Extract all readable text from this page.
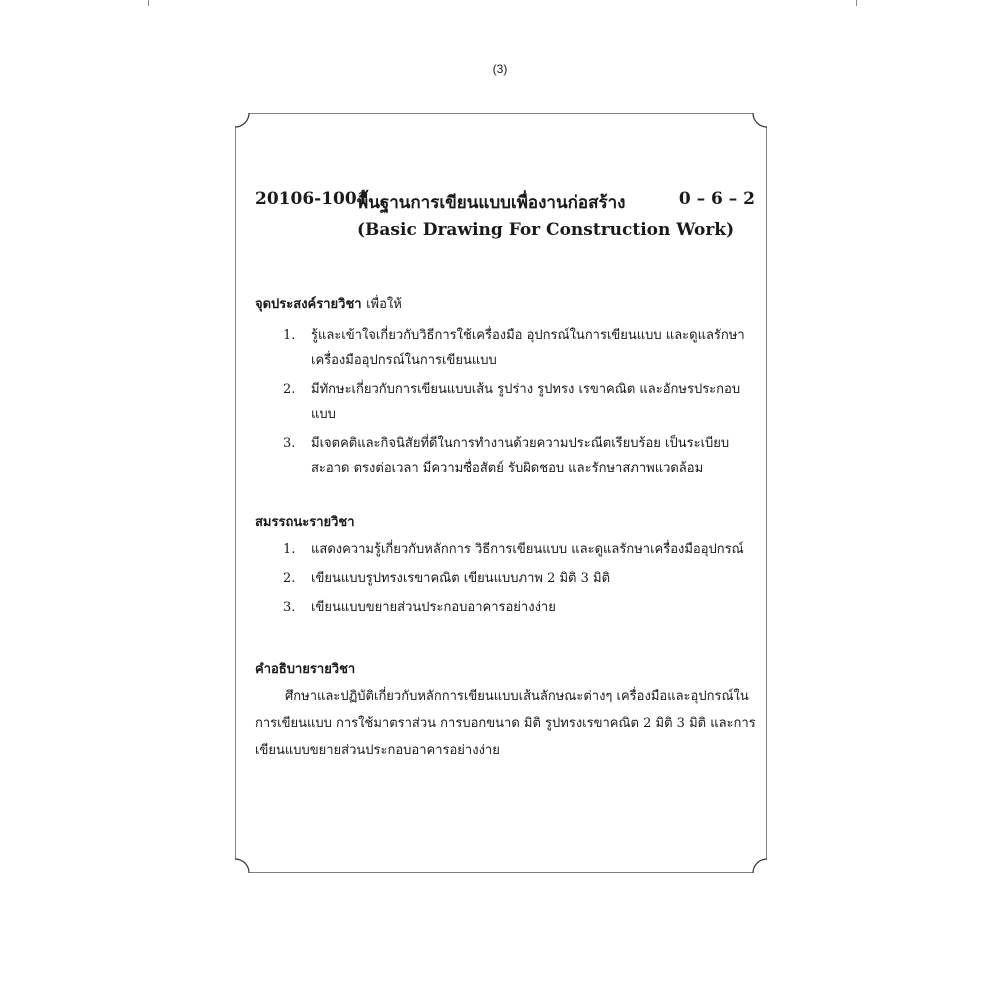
(3)
20106-1001
พื้นฐานการเขียนแบบเพื่องานก่อสร้าง	0 – 6 – 2
(Basic Drawing For Construction Work)
จุดประสงค์รายวิชา เพื่อให้
1. รู้และเข้าใจเกี่ยวกับวิธีการใช้เครื่องมือ อุปกรณ์ในการเขียนแบบ และดูแลรักษาเครื่องมืออุปกรณ์ในการเขียนแบบ
2. มีทักษะเกี่ยวกับการเขียนแบบเส้น รูปร่าง รูปทรง เรขาคณิต และอักษรประกอบแบบ
3. มีเจตคติและกิจนิสัยที่ดีในการทำงานด้วยความประณีตเรียบร้อย เป็นระเบียบ สะอาด ตรงต่อเวลา มีความซื่อสัตย์ รับผิดชอบ และรักษาสภาพแวดล้อม
สมรรถนะรายวิชา
1. แสดงความรู้เกี่ยวกับหลักการ วิธีการเขียนแบบ และดูแลรักษาเครื่องมืออุปกรณ์
2. เขียนแบบรูปทรงเรขาคณิต เขียนแบบภาพ 2 มิติ 3 มิติ
3. เขียนแบบขยายส่วนประกอบอาคารอย่างง่าย
คำอธิบายรายวิชา

ศึกษาและปฏิบัติเกี่ยวกับหลักการเขียนแบบเส้นลักษณะต่างๆ เครื่องมือและอุปกรณ์ในการเขียนแบบ การใช้มาตราส่วน การบอกขนาด มิติ รูปทรงเรขาคณิต 2 มิติ 3 มิติ และการเขียนแบบขยายส่วนประกอบอาคารอย่างง่าย
